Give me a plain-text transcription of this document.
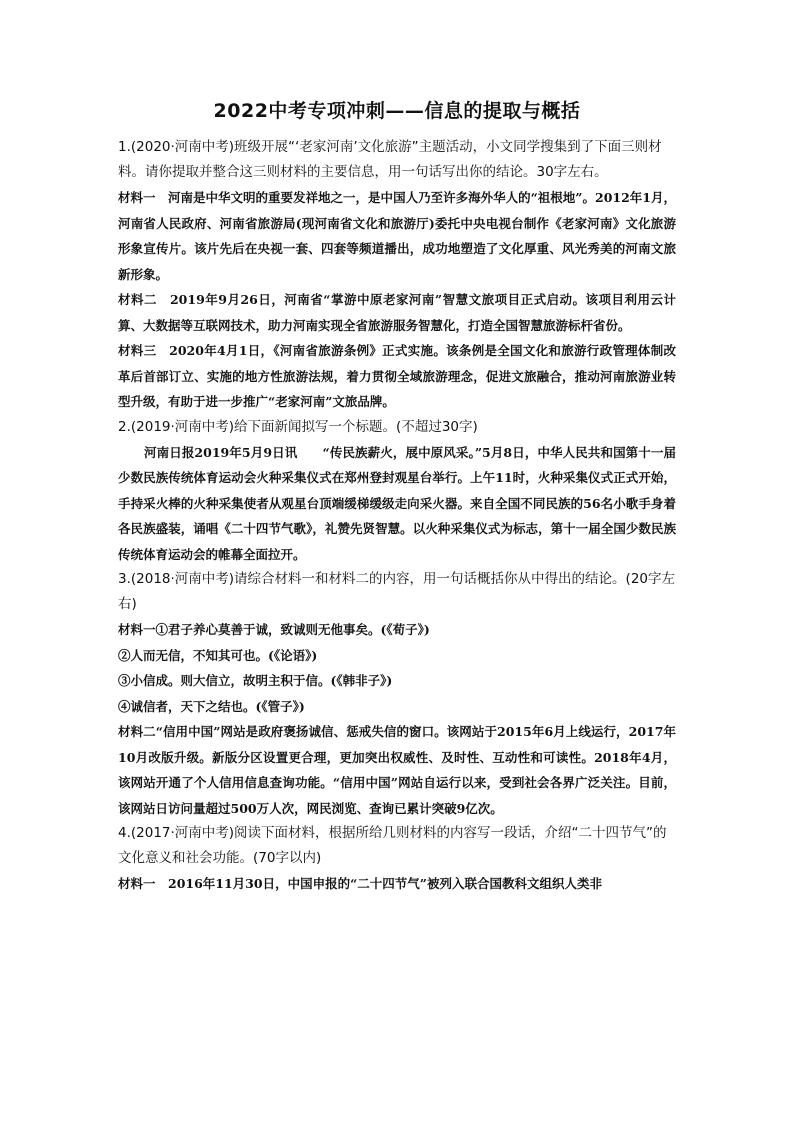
2022中考专项冲刺——信息的提取与概括

1.(2020·河南中考)班级开展“‘老家河南’文化旅游”主题活动，小文同学搜集到了下面三则材料。请你提取并整合这三则材料的主要信息，用一句话写出你的结论。30字左右。

材料一　河南是中华文明的重要发祥地之一，是中国人乃至许多海外华人的“祖根地”。2012年1月，河南省人民政府、河南省旅游局(现河南省文化和旅游厅)委托中央电视台制作《老家河南》文化旅游形象宣传片。该片先后在央视一套、四套等频道播出，成功地塑造了文化厚重、风光秀美的河南文旅新形象。

材料二　2019年9月26日，河南省“掌游中原老家河南”智慧文旅项目正式启动。该项目利用云计算、大数据等互联网技术，助力河南实现全省旅游服务智慧化，打造全国智慧旅游标杆省份。

材料三　2020年4月1日，《河南省旅游条例》正式实施。该条例是全国文化和旅游行政管理体制改革后首部订立、实施的地方性旅游法规，着力贯彻全域旅游理念，促进文旅融合，推动河南旅游业转型升级，有助于进一步推广“老家河南”文旅品牌。

2.(2019·河南中考)给下面新闻拟写一个标题。(不超过30字)

河南日报2019年5月9日讯　　“传民族薪火，展中原风采。”5月8日，中华人民共和国第十一届少数民族传统体育运动会火种采集仪式在郑州登封观星台举行。上午11时，火种采集仪式正式开始，手持采火棒的火种采集使者从观星台顶端缓梯缓级走向采火器。来自全国不同民族的56名小歌手身着各民族盛装，诵唱《二十四节气歌》，礼赞先贤智慧。以火种采集仪式为标志，第十一届全国少数民族传统体育运动会的帷幕全面拉开。

3.(2018·河南中考)请综合材料一和材料二的内容，用一句话概括你从中得出的结论。(20字左右)

材料一①君子养心莫善于诚，致诚则无他事矣。(《荀子》)

②人而无信，不知其可也。(《论语》)

③小信成。则大信立，故明主积于信。(《韩非子》)

④诚信者，天下之结也。(《管子》)

材料二“信用中国”网站是政府褒扬诚信、惩戒失信的窗口。该网站于2015年6月上线运行，2017年10月改版升级。新版分区设置更合理，更加突出权威性、及时性、互动性和可读性。2018年4月，该网站开通了个人信用信息查询功能。“信用中国”网站自运行以来，受到社会各界广泛关注。目前，该网站日访问量超过500万人次，网民浏览、查询已累计突破9亿次。

4.(2017·河南中考)阅读下面材料，根据所给几则材料的内容写一段话，介绍“二十四节气”的文化意义和社会功能。(70字以内)

材料一　2016年11月30日，中国申报的“二十四节气”被列入联合国教科文组织人类非
